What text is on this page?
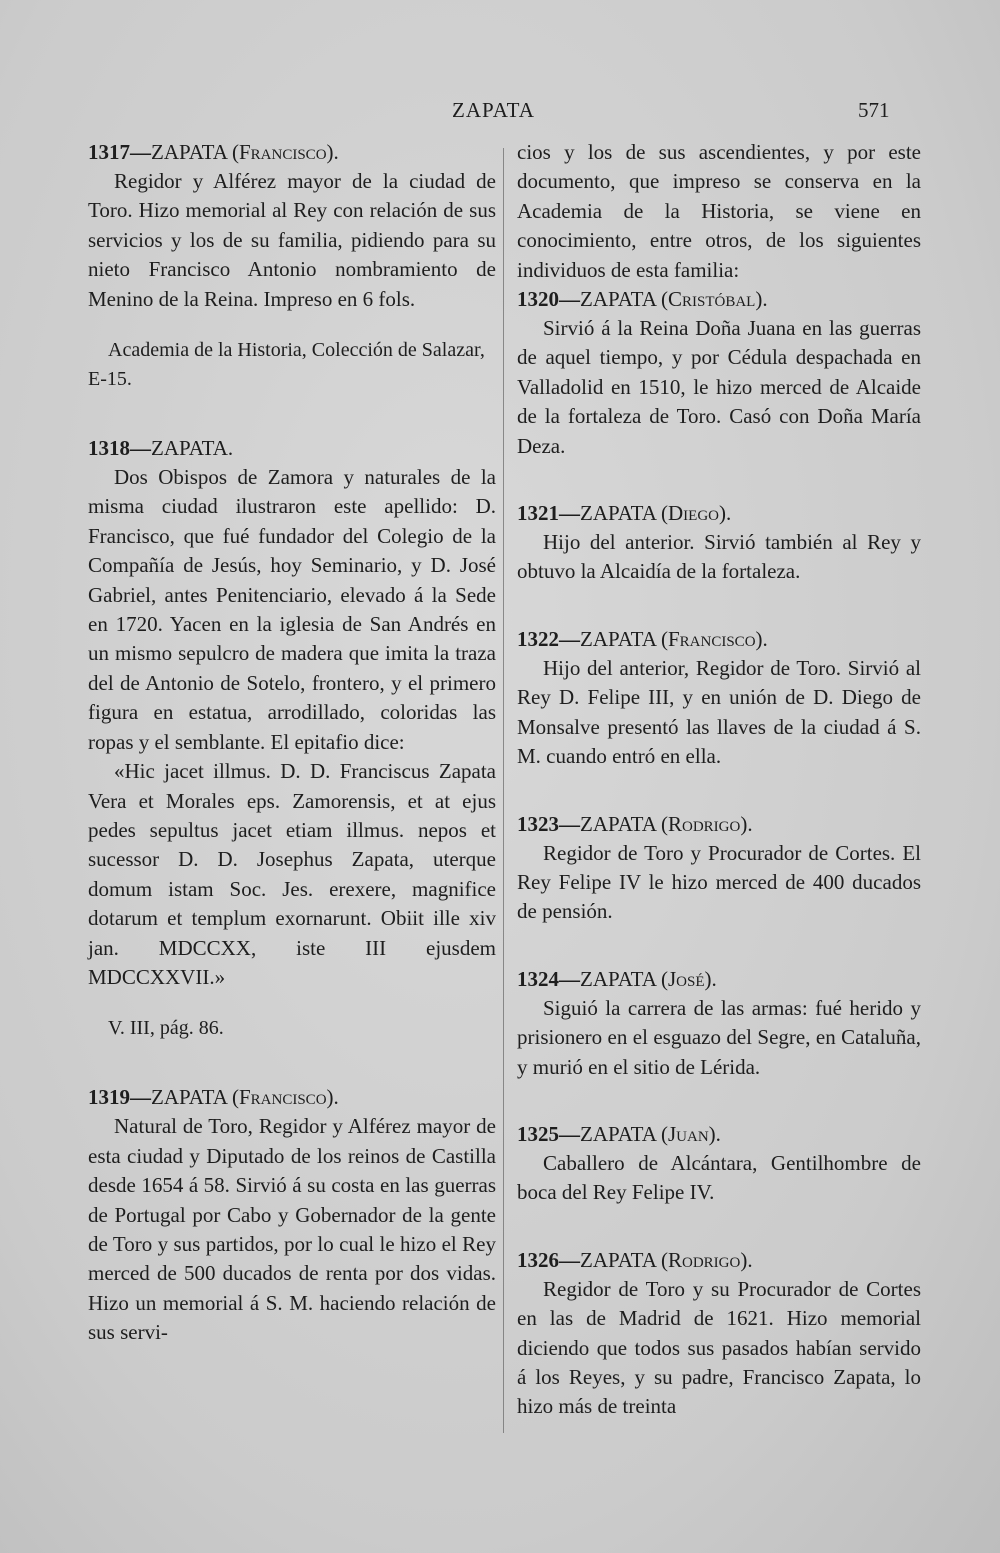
ZAPATA	571
1317—ZAPATA (Francisco).

Regidor y Alférez mayor de la ciudad de Toro. Hizo memorial al Rey con relación de sus servicios y los de su familia, pidiendo para su nieto Francisco Antonio nombramiento de Menino de la Reina. Impreso en 6 fols.

Academia de la Historia, Colección de Salazar, E-15.

1318—ZAPATA.

Dos Obispos de Zamora y naturales de la misma ciudad ilustraron este apellido: D. Francisco, que fué fundador del Colegio de la Compañía de Jesús, hoy Seminario, y D. José Gabriel, antes Penitenciario, elevado á la Sede en 1720. Yacen en la iglesia de San Andrés en un mismo sepulcro de madera que imita la traza del de Antonio de Sotelo, frontero, y el primero figura en estatua, arrodillado, coloridas las ropas y el semblante. El epitafio dice:

«Hic jacet illmus. D. D. Franciscus Zapata Vera et Morales eps. Zamorensis, et at ejus pedes sepultus jacet etiam illmus. nepos et sucessor D. D. Josephus Zapata, uterque domum istam Soc. Jes. erexere, magnifice dotarum et templum exornarunt. Obiit ille xiv jan. MDCCXX, iste III ejusdem MDCCXXVII.»

V. III, pág. 86.

1319—ZAPATA (Francisco).

Natural de Toro, Regidor y Alférez mayor de esta ciudad y Diputado de los reinos de Castilla desde 1654 á 58. Sirvió á su costa en las guerras de Portugal por Cabo y Gobernador de la gente de Toro y sus partidos, por lo cual le hizo el Rey merced de 500 ducados de renta por dos vidas. Hizo un memorial á S. M. haciendo relación de sus servi-

cios y los de sus ascendientes, y por este documento, que impreso se conserva en la Academia de la Historia, se viene en conocimiento, entre otros, de los siguientes individuos de esta familia:

1320—ZAPATA (Cristóbal).

Sirvió á la Reina Doña Juana en las guerras de aquel tiempo, y por Cédula despachada en Valladolid en 1510, le hizo merced de Alcaide de la fortaleza de Toro. Casó con Doña María Deza.

1321—ZAPATA (Diego).

Hijo del anterior. Sirvió también al Rey y obtuvo la Alcaidía de la fortaleza.

1322—ZAPATA (Francisco).

Hijo del anterior, Regidor de Toro. Sirvió al Rey D. Felipe III, y en unión de D. Diego de Monsalve presentó las llaves de la ciudad á S. M. cuando entró en ella.

1323—ZAPATA (Rodrigo).

Regidor de Toro y Procurador de Cortes. El Rey Felipe IV le hizo merced de 400 ducados de pensión.

1324—ZAPATA (José).

Siguió la carrera de las armas: fué herido y prisionero en el esguazo del Segre, en Cataluña, y murió en el sitio de Lérida.

1325—ZAPATA (Juan).

Caballero de Alcántara, Gentilhombre de boca del Rey Felipe IV.

1326—ZAPATA (Rodrigo).

Regidor de Toro y su Procurador de Cortes en las de Madrid de 1621. Hizo memorial diciendo que todos sus pasados habían servido á los Reyes, y su padre, Francisco Zapata, lo hizo más de treinta
